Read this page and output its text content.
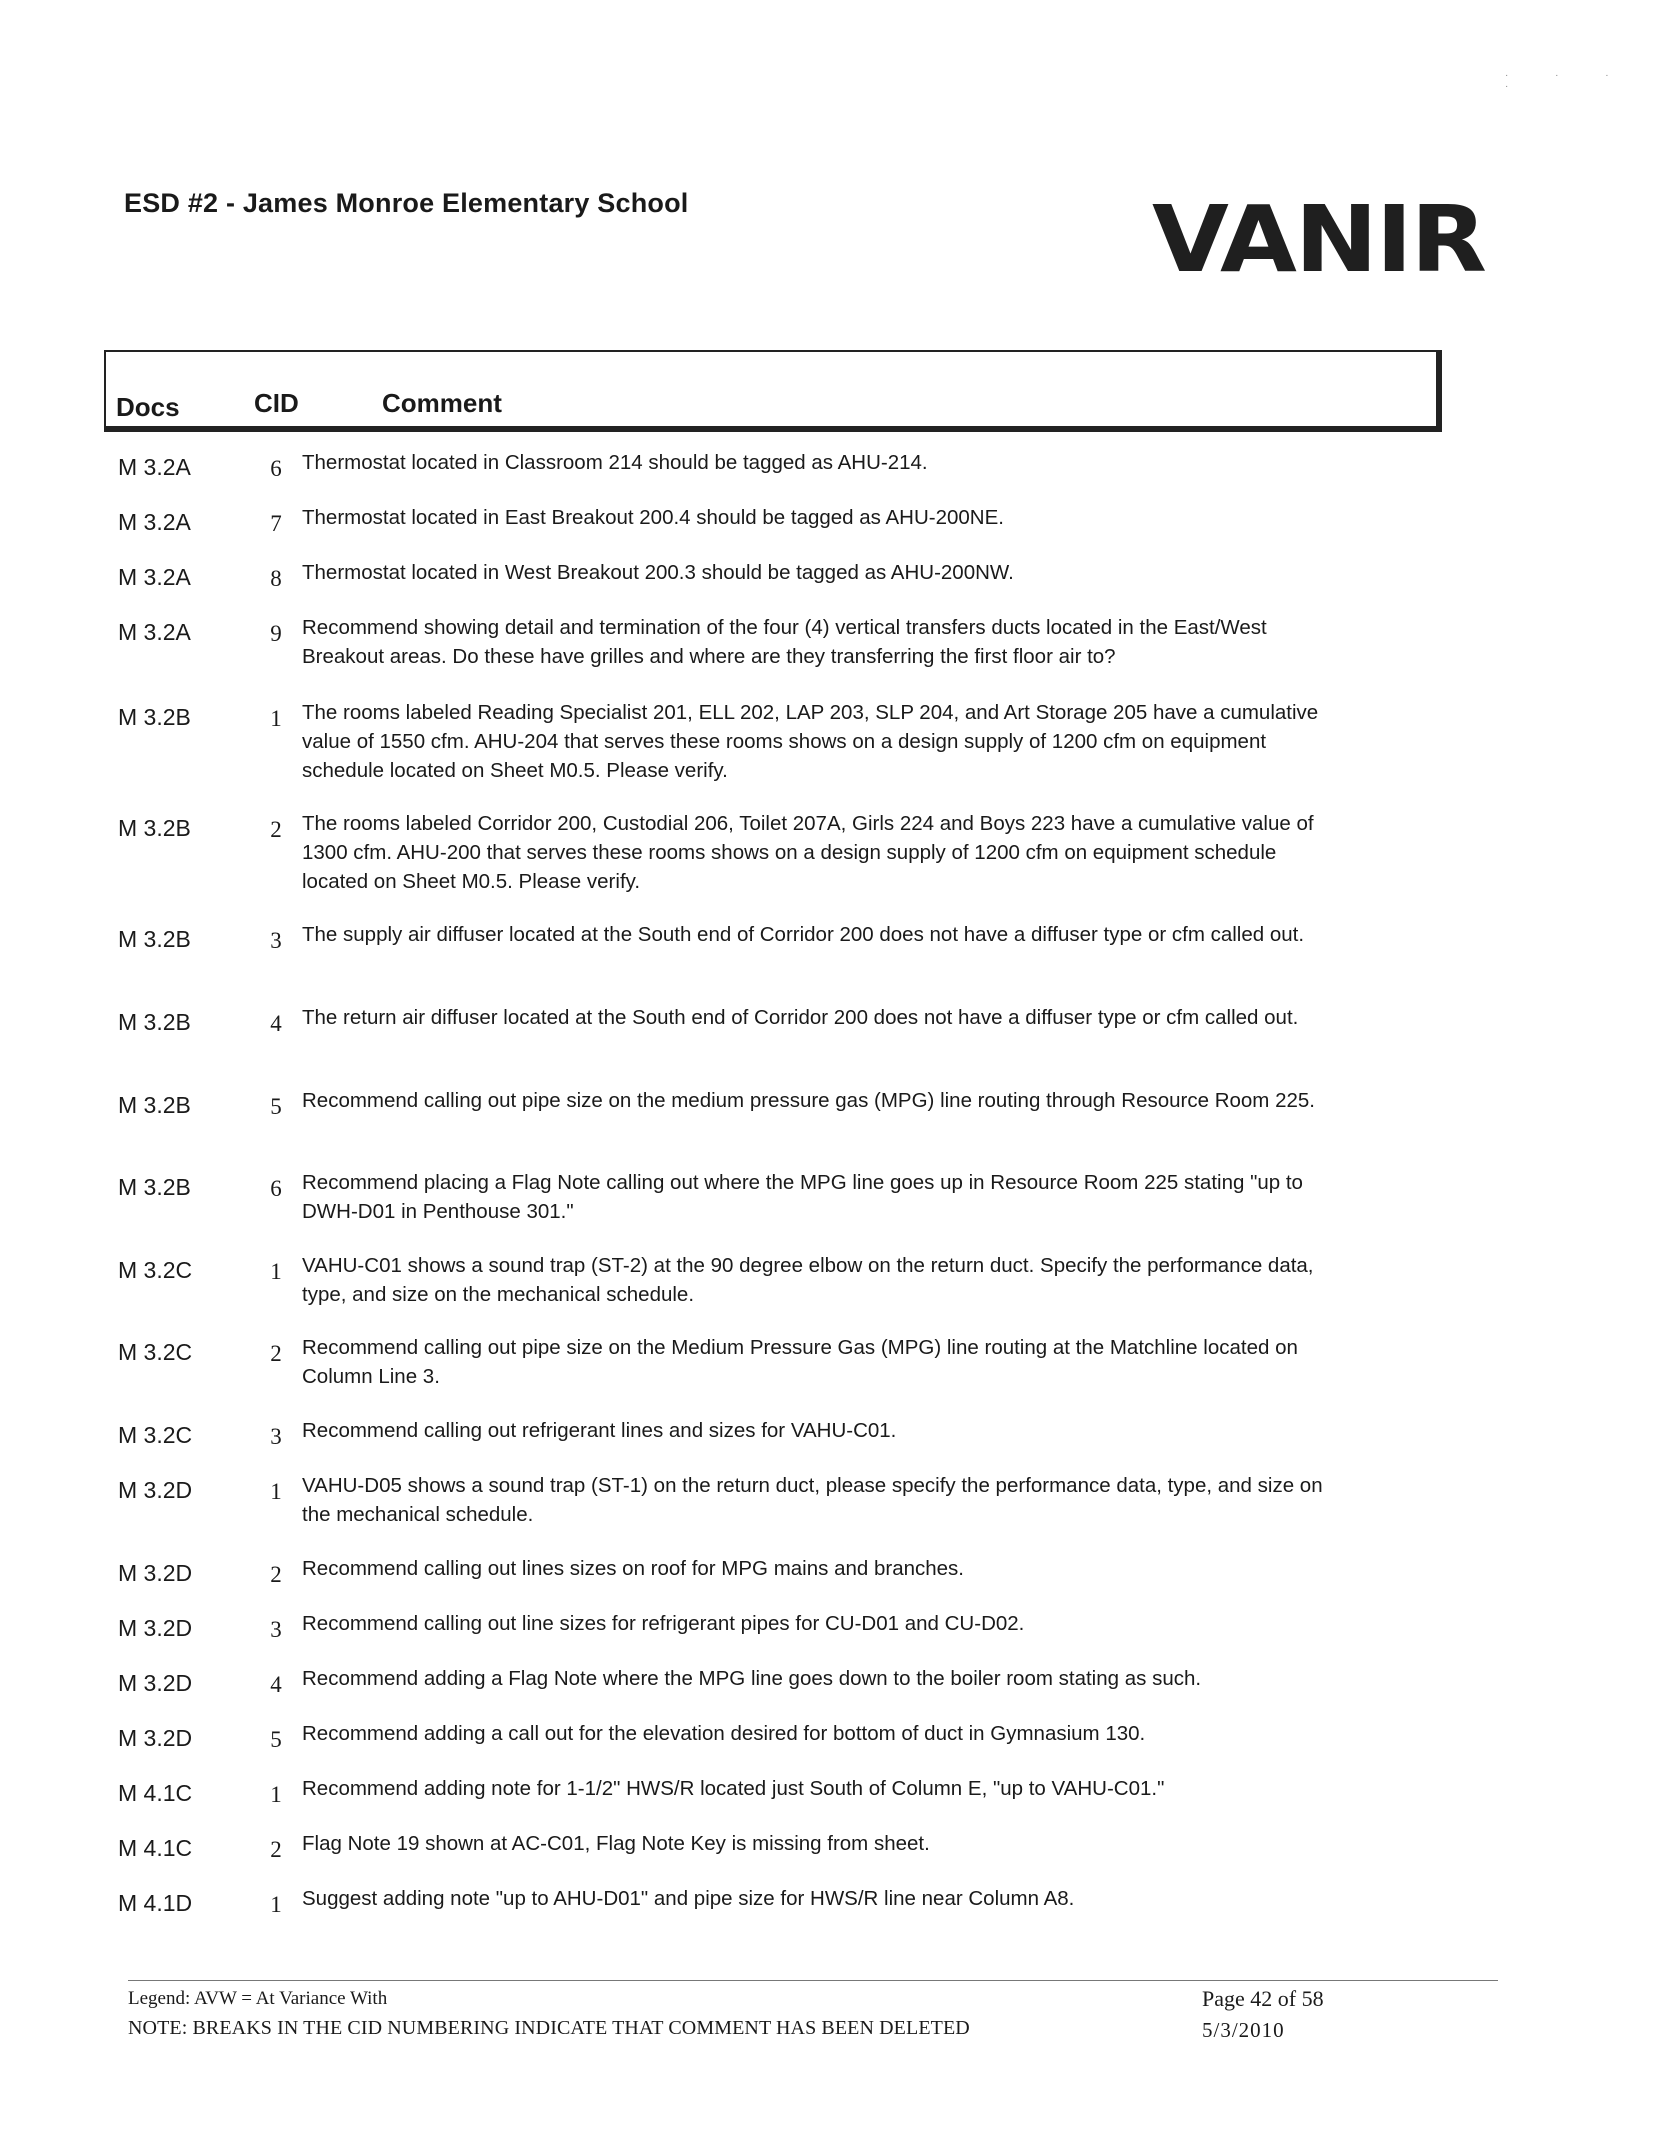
· · · ·
ESD #2 - James Monroe Elementary School	VANIR
Docs	CID	Comment
M 3.2A	6 Thermostat located in Classroom 214 should be tagged as AHU-214.
M 3.2A	7 Thermostat located in East Breakout 200.4 should be tagged as AHU-200NE.
M 3.2A	8 Thermostat located in West Breakout 200.3 should be tagged as AHU-200NW.
M 3.2A	9 Recommend showing detail and termination of the four (4) vertical transfers ducts located in the East/West Breakout areas. Do these have grilles and where are they transferring the first floor air to?
M 3.2B	1 The rooms labeled Reading Specialist 201, ELL 202, LAP 203, SLP 204, and Art Storage 205 have a cumulative value of 1550 cfm. AHU-204 that serves these rooms shows on a design supply of 1200 cfm on equipment schedule located on Sheet M0.5. Please verify.
M 3.2B	2 The rooms labeled Corridor 200, Custodial 206, Toilet 207A, Girls 224 and Boys 223 have a cumulative value of 1300 cfm. AHU-200 that serves these rooms shows on a design supply of 1200 cfm on equipment schedule located on Sheet M0.5. Please verify.
M 3.2B	3 The supply air diffuser located at the South end of Corridor 200 does not have a diffuser type or cfm called out.
M 3.2B	4 The return air diffuser located at the South end of Corridor 200 does not have a diffuser type or cfm called out.
M 3.2B	5 Recommend calling out pipe size on the medium pressure gas (MPG) line routing through Resource Room 225.
M 3.2B	6 Recommend placing a Flag Note calling out where the MPG line goes up in Resource Room 225 stating "up to DWH-D01 in Penthouse 301."
M 3.2C	1 VAHU-C01 shows a sound trap (ST-2) at the 90 degree elbow on the return duct. Specify the performance data, type, and size on the mechanical schedule.
M 3.2C	2 Recommend calling out pipe size on the Medium Pressure Gas (MPG) line routing at the Matchline located on Column Line 3.
M 3.2C	3 Recommend calling out refrigerant lines and sizes for VAHU-C01.
M 3.2D	1 VAHU-D05 shows a sound trap (ST-1) on the return duct, please specify the performance data, type, and size on the mechanical schedule.
M 3.2D	2 Recommend calling out lines sizes on roof for MPG mains and branches.
M 3.2D	3 Recommend calling out line sizes for refrigerant pipes for CU-D01 and CU-D02.
M 3.2D	4 Recommend adding a Flag Note where the MPG line goes down to the boiler room stating as such.
M 3.2D	5 Recommend adding a call out for the elevation desired for bottom of duct in Gymnasium 130.
M 4.1C	1 Recommend adding note for 1-1/2" HWS/R located just South of Column E, "up to VAHU-C01."
M 4.1C	2 Flag Note 19 shown at AC-C01, Flag Note Key is missing from sheet.
M 4.1D	1 Suggest adding note "up to AHU-D01" and pipe size for HWS/R line near Column A8.
Legend: AVW = At Variance With
NOTE: BREAKS IN THE CID NUMBERING INDICATE THAT COMMENT HAS BEEN DELETED
Page 42 of 58
5/3/2010
